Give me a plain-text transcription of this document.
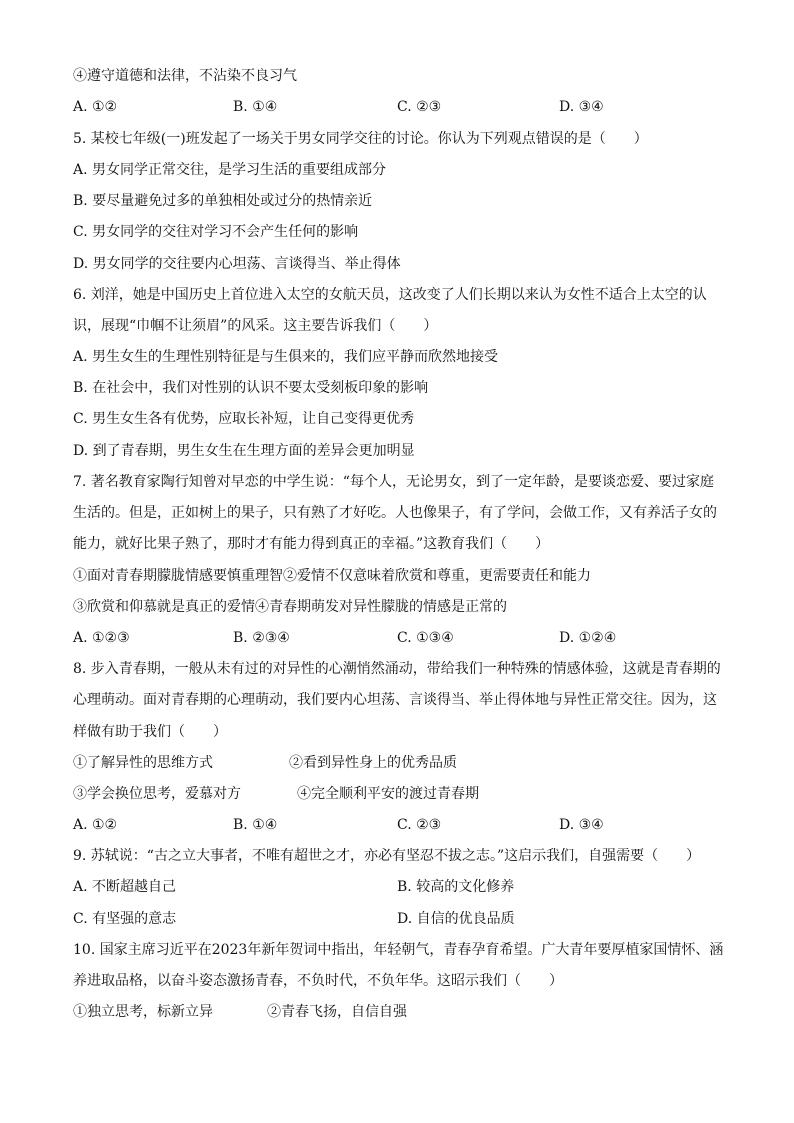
④遵守道德和法律，不沾染不良习气
A. ①②	B. ①④	C. ②③	D. ③④
5. 某校七年级(一)班发起了一场关于男女同学交往的讨论。你认为下列观点错误的是（　　）
A. 男女同学正常交往，是学习生活的重要组成部分
B. 要尽量避免过多的单独相处或过分的热情亲近
C. 男女同学的交往对学习不会产生任何的影响
D. 男女同学的交往要内心坦荡、言谈得当、举止得体
6. 刘洋，她是中国历史上首位进入太空的女航天员，这改变了人们长期以来认为女性不适合上太空的认
识，展现“巾帼不让须眉”的风采。这主要告诉我们（　　）
A. 男生女生的生理性别特征是与生俱来的，我们应平静而欣然地接受
B. 在社会中，我们对性别的认识不要太受刻板印象的影响
C. 男生女生各有优势，应取长补短，让自己变得更优秀
D. 到了青春期，男生女生在生理方面的差异会更加明显
7. 著名教育家陶行知曾对早恋的中学生说：“每个人，无论男女，到了一定年龄，是要谈恋爱、要过家庭
生活的。但是，正如树上的果子，只有熟了才好吃。人也像果子，有了学问，会做工作，又有养活子女的
能力，就好比果子熟了，那时才有能力得到真正的幸福。”这教育我们（　　）
①面对青春期朦胧情感要慎重理智②爱情不仅意味着欣赏和尊重，更需要责任和能力
③欣赏和仰慕就是真正的爱情④青春期萌发对异性朦胧的情感是正常的
A. ①②③	B. ②③④	C. ①③④	D. ①②④
8. 步入青春期，一般从未有过的对异性的心潮悄然涌动，带给我们一种特殊的情感体验，这就是青春期的
心理萌动。面对青春期的心理萌动，我们要内心坦荡、言谈得当、举止得体地与异性正常交往。因为，这
样做有助于我们（　　）
①了解异性的思维方式	②看到异性身上的优秀品质
③学会换位思考，爱慕对方	④完全顺利平安的渡过青春期
A. ①②	B. ①④	C. ②③	D. ③④
9. 苏轼说：“古之立大事者，不唯有超世之才，亦必有坚忍不拔之志。”这启示我们，自强需要（　　）
A. 不断超越自己	B. 较高的文化修养
C. 有坚强的意志	D. 自信的优良品质
10. 国家主席习近平在2023年新年贺词中指出，年轻朝气，青春孕育希望。广大青年要厚植家国情怀、涵
养进取品格，以奋斗姿态激扬青春，不负时代，不负年华。这昭示我们（　　）
①独立思考，标新立异	②青春飞扬，自信自强
